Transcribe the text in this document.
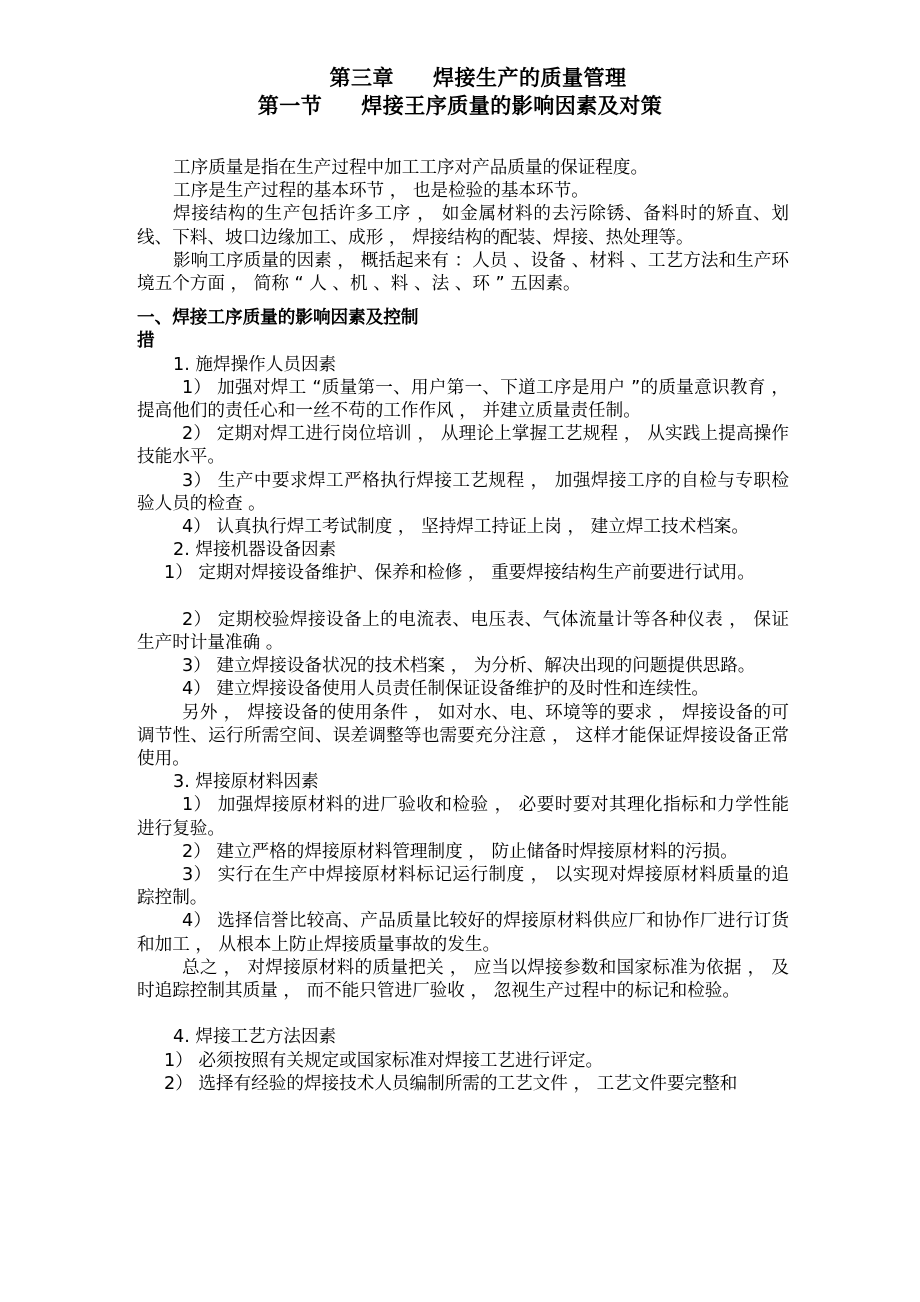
第三章     焊接生产的质量管理
第一节     焊接王序质量的影响因素及对策

工序质量是指在生产过程中加工工序对产品质量的保证程度。

工序是生产过程的基本环节 ， 也是检验的基本环节。

焊接结构的生产包括许多工序 ， 如金属材料的去污除锈、备料时的矫直、划线、下料、坡口边缘加工、成形 ， 焊接结构的配装、焊接、热处理等。

影响工序质量的因素 ， 概括起来有 ：人员 、设备 、材料 、工艺方法和生产环境五个方面 ， 简称 “ 人 、机 、料 、法 、环 ” 五因素。

一、焊接工序质量的影响因素及控制
措

1. 施焊操作人员因素

1） 加强对焊工 “质量第一、用户第一、下道工序是用户 ”的质量意识教育 ， 提高他们的责任心和一丝不苟的工作作风 ， 并建立质量责任制。

2） 定期对焊工进行岗位培训 ， 从理论上掌握工艺规程 ， 从实践上提高操作技能水平。

3） 生产中要求焊工严格执行焊接工艺规程 ， 加强焊接工序的自检与专职检验人员的检查 。

4） 认真执行焊工考试制度 ， 坚持焊工持证上岗 ， 建立焊工技术档案。

2. 焊接机器设备因素

1） 定期对焊接设备维护、保养和检修 ， 重要焊接结构生产前要进行试用。

2） 定期校验焊接设备上的电流表、电压表、气体流量计等各种仪表 ， 保证生产时计量准确 。

3） 建立焊接设备状况的技术档案 ， 为分析、解决出现的问题提供思路。

4） 建立焊接设备使用人员责任制保证设备维护的及时性和连续性。

另外 ， 焊接设备的使用条件 ， 如对水、电、环境等的要求 ， 焊接设备的可调节性、运行所需空间、误差调整等也需要充分注意 ， 这样才能保证焊接设备正常使用。

3. 焊接原材料因素

1） 加强焊接原材料的进厂验收和检验 ， 必要时要对其理化指标和力学性能进行复验。

2） 建立严格的焊接原材料管理制度 ， 防止储备时焊接原材料的污损。

3） 实行在生产中焊接原材料标记运行制度 ， 以实现对焊接原材料质量的追踪控制。

4） 选择信誉比较高、产品质量比较好的焊接原材料供应厂和协作厂进行订货和加工 ， 从根本上防止焊接质量事故的发生。

总之 ， 对焊接原材料的质量把关 ， 应当以焊接参数和国家标准为依据 ， 及时追踪控制其质量 ， 而不能只管进厂验收 ， 忽视生产过程中的标记和检验。

4. 焊接工艺方法因素

1） 必须按照有关规定或国家标准对焊接工艺进行评定。

2） 选择有经验的焊接技术人员编制所需的工艺文件 ， 工艺文件要完整和
